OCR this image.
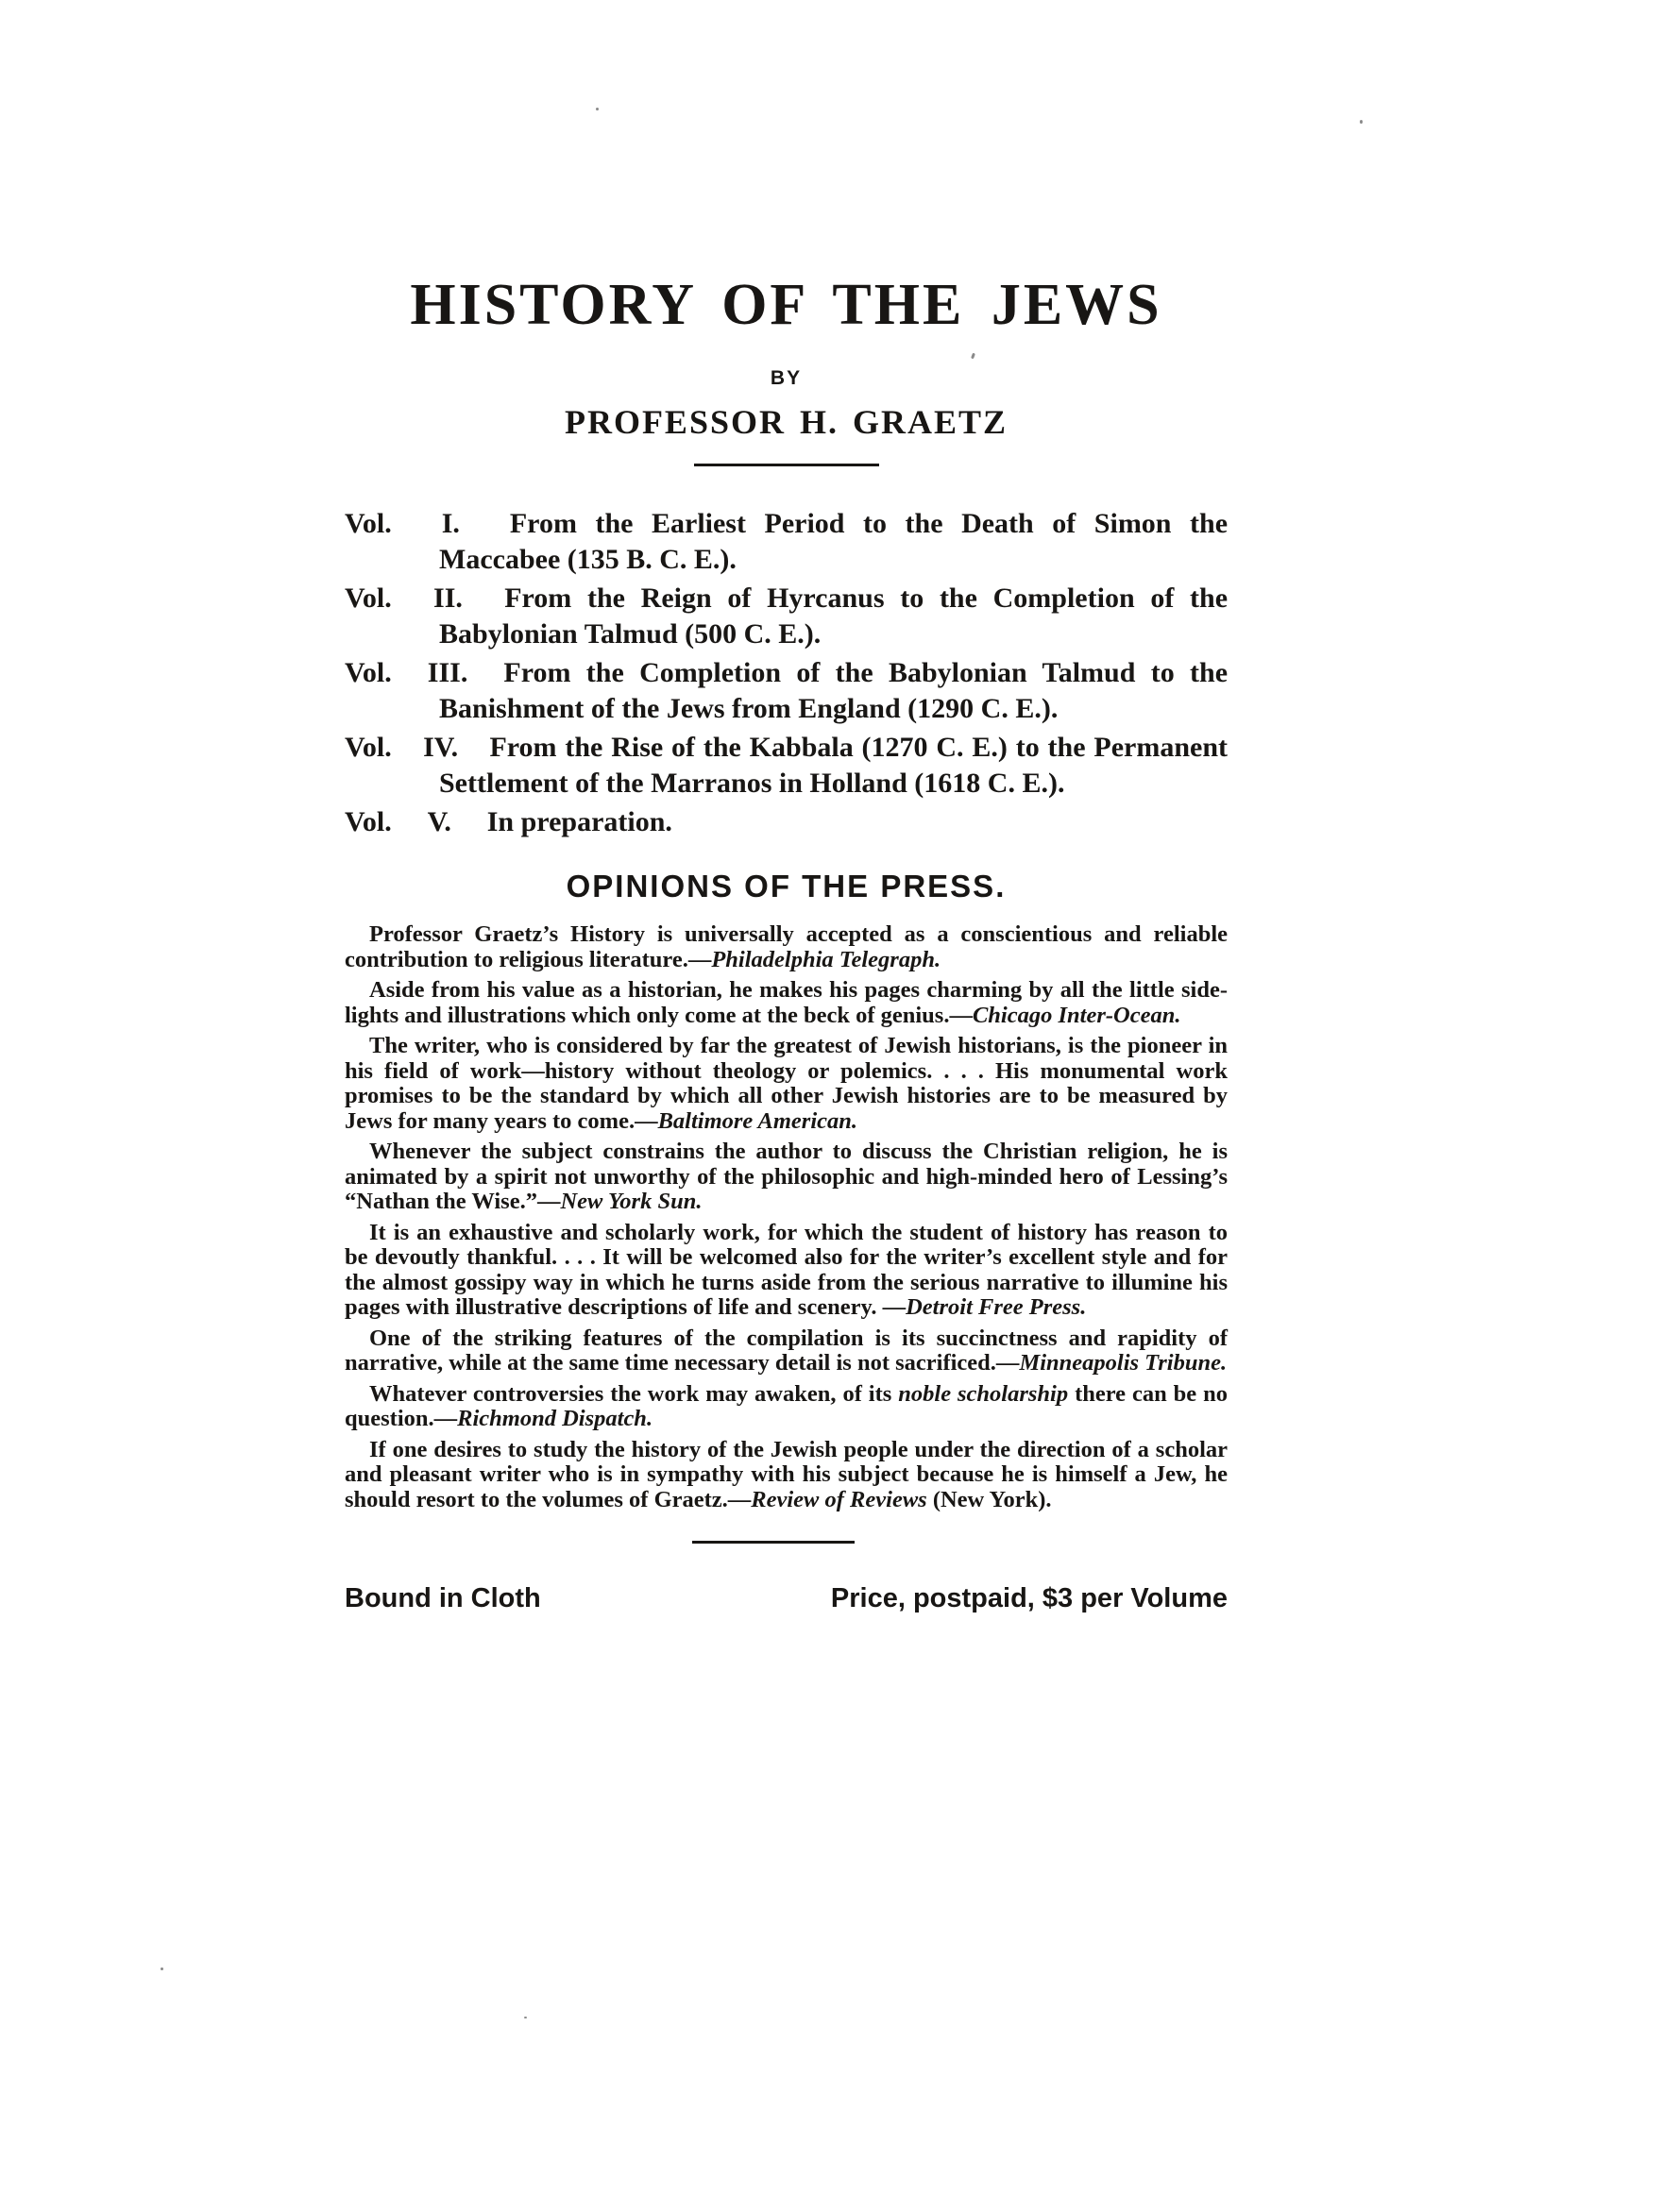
HISTORY OF THE JEWS
BY
PROFESSOR H. GRAETZ
Vol. I. From the Earliest Period to the Death of Simon the Maccabee (135 B. C. E.).
Vol. II. From the Reign of Hyrcanus to the Completion of the Babylonian Talmud (500 C. E.).
Vol. III. From the Completion of the Babylonian Talmud to the Banishment of the Jews from England (1290 C. E.).
Vol. IV. From the Rise of the Kabbala (1270 C. E.) to the Permanent Settlement of the Marranos in Holland (1618 C. E.).
Vol. V. In preparation.
OPINIONS OF THE PRESS.

Professor Graetz’s History is universally accepted as a conscientious and reliable contribution to religious literature.—Philadelphia Telegraph.

Aside from his value as a historian, he makes his pages charming by all the little side-lights and illustrations which only come at the beck of genius.—Chicago Inter-Ocean.

The writer, who is considered by far the greatest of Jewish historians, is the pioneer in his field of work—history without theology or polemics. . . . His monumental work promises to be the standard by which all other Jewish histories are to be measured by Jews for many years to come.—Baltimore American.

Whenever the subject constrains the author to discuss the Christian religion, he is animated by a spirit not unworthy of the philosophic and high-minded hero of Lessing’s “Nathan the Wise.”—New York Sun.

It is an exhaustive and scholarly work, for which the student of history has reason to be devoutly thankful. . . . It will be welcomed also for the writer’s excellent style and for the almost gossipy way in which he turns aside from the serious narrative to illumine his pages with illustrative descriptions of life and scenery. —Detroit Free Press.

One of the striking features of the compilation is its succinctness and rapidity of narrative, while at the same time necessary detail is not sacrificed.—Minneapolis Tribune.

Whatever controversies the work may awaken, of its noble scholarship there can be no question.—Richmond Dispatch.

If one desires to study the history of the Jewish people under the direction of a scholar and pleasant writer who is in sympathy with his subject because he is himself a Jew, he should resort to the volumes of Graetz.—Review of Reviews (New York).

Bound in Cloth	Price, postpaid, $3 per Volume
